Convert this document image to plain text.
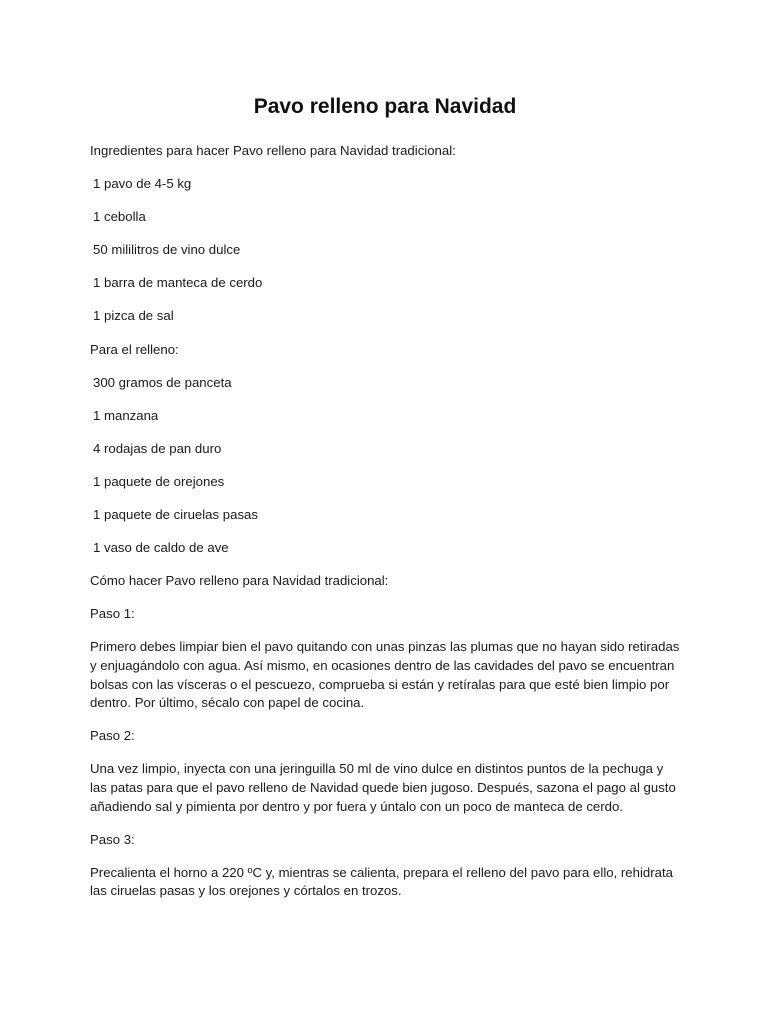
Pavo relleno para Navidad

Ingredientes para hacer Pavo relleno para Navidad tradicional:

1 pavo de 4-5 kg

1 cebolla

50 mililitros de vino dulce

1 barra de manteca de cerdo

1 pizca de sal

Para el relleno:

300 gramos de panceta

1 manzana

4 rodajas de pan duro

1 paquete de orejones

1 paquete de ciruelas pasas

1 vaso de caldo de ave

Cómo hacer Pavo relleno para Navidad tradicional:

Paso 1:

Primero debes limpiar bien el pavo quitando con unas pinzas las plumas que no hayan sido retiradas y enjuagándolo con agua. Así mismo, en ocasiones dentro de las cavidades del pavo se encuentran bolsas con las vísceras o el pescuezo, comprueba si están y retíralas para que esté bien limpio por dentro. Por último, sécalo con papel de cocina.

Paso 2:

Una vez limpio, inyecta con una jeringuilla 50 ml de vino dulce en distintos puntos de la pechuga y las patas para que el pavo relleno de Navidad quede bien jugoso. Después, sazona el pago al gusto añadiendo sal y pimienta por dentro y por fuera y úntalo con un poco de manteca de cerdo.

Paso 3:

Precalienta el horno a 220 ºC y, mientras se calienta, prepara el relleno del pavo para ello, rehidrata las ciruelas pasas y los orejones y córtalos en trozos.
